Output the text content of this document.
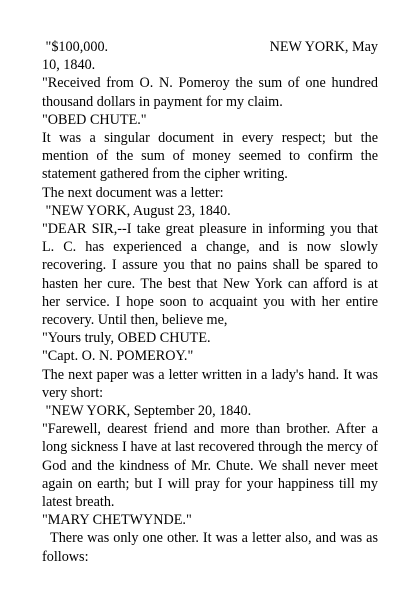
"$100,000.	NEW YORK, May

10, 1840.

"Received from O. N. Pomeroy the sum of one hundred thousand dollars in payment for my claim.

"OBED CHUTE."

It was a singular document in every respect; but the mention of the sum of money seemed to confirm the statement gathered from the cipher writing.

The next document was a letter:

"NEW YORK, August 23, 1840.

"DEAR SIR,--I take great pleasure in informing you that L. C. has experienced a change, and is now slowly recovering. I assure you that no pains shall be spared to hasten her cure. The best that New York can afford is at her service. I hope soon to acquaint you with her entire recovery. Until then, believe me,

"Yours truly, OBED CHUTE.

"Capt. O. N. POMEROY."

The next paper was a letter written in a lady's hand. It was very short:

"NEW YORK, September 20, 1840.

"Farewell, dearest friend and more than brother. After a long sickness I have at last recovered through the mercy of God and the kindness of Mr. Chute. We shall never meet again on earth; but I will pray for your happiness till my latest breath.

"MARY CHETWYNDE."

There was only one other. It was a letter also, and was as follows:
